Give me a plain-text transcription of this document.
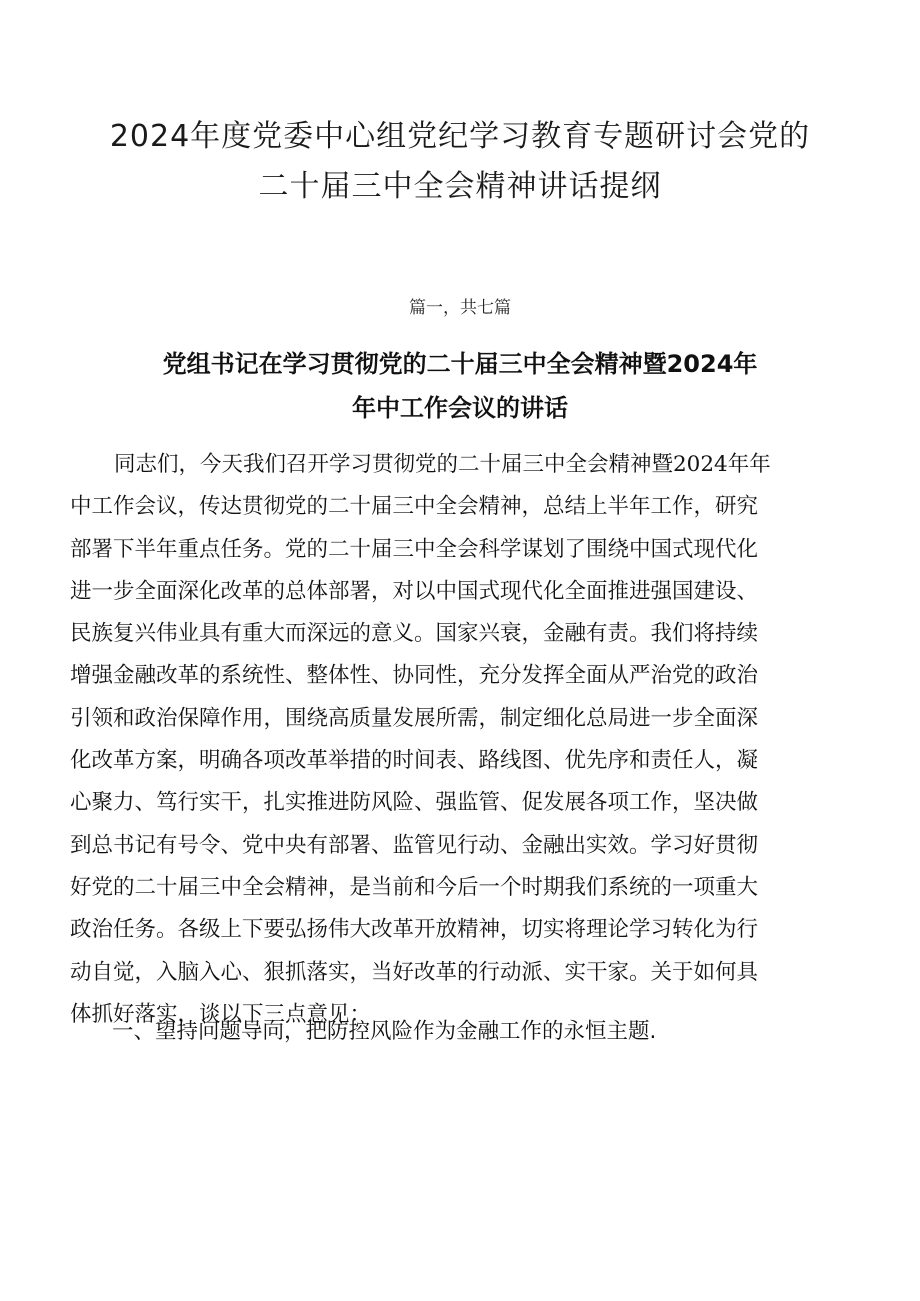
2024年度党委中心组党纪学习教育专题研讨会党的
二十届三中全会精神讲话提纲
篇一，共七篇
党组书记在学习贯彻党的二十届三中全会精神暨2024年
年中工作会议的讲话

同志们，今天我们召开学习贯彻党的二十届三中全会精神暨2024年年
中工作会议，传达贯彻党的二十届三中全会精神，总结上半年工作，研究
部署下半年重点任务。党的二十届三中全会科学谋划了围绕中国式现代化
进一步全面深化改革的总体部署，对以中国式现代化全面推进强国建设、
民族复兴伟业具有重大而深远的意义。国家兴衰，金融有责。我们将持续
增强金融改革的系统性、整体性、协同性，充分发挥全面从严治党的政治
引领和政治保障作用，围绕高质量发展所需，制定细化总局进一步全面深
化改革方案，明确各项改革举措的时间表、路线图、优先序和责任人，凝
心聚力、笃行实干，扎实推进防风险、强监管、促发展各项工作，坚决做
到总书记有号令、党中央有部署、监管见行动、金融出实效。学习好贯彻
好党的二十届三中全会精神，是当前和今后一个时期我们系统的一项重大
政治任务。各级上下要弘扬伟大改革开放精神，切实将理论学习转化为行
动自觉，入脑入心、狠抓落实，当好改革的行动派、实干家。关于如何具
体抓好落实，谈以下三点意见：

一、望持问题导向，把防控风险作为金融工作的永恒主题.
